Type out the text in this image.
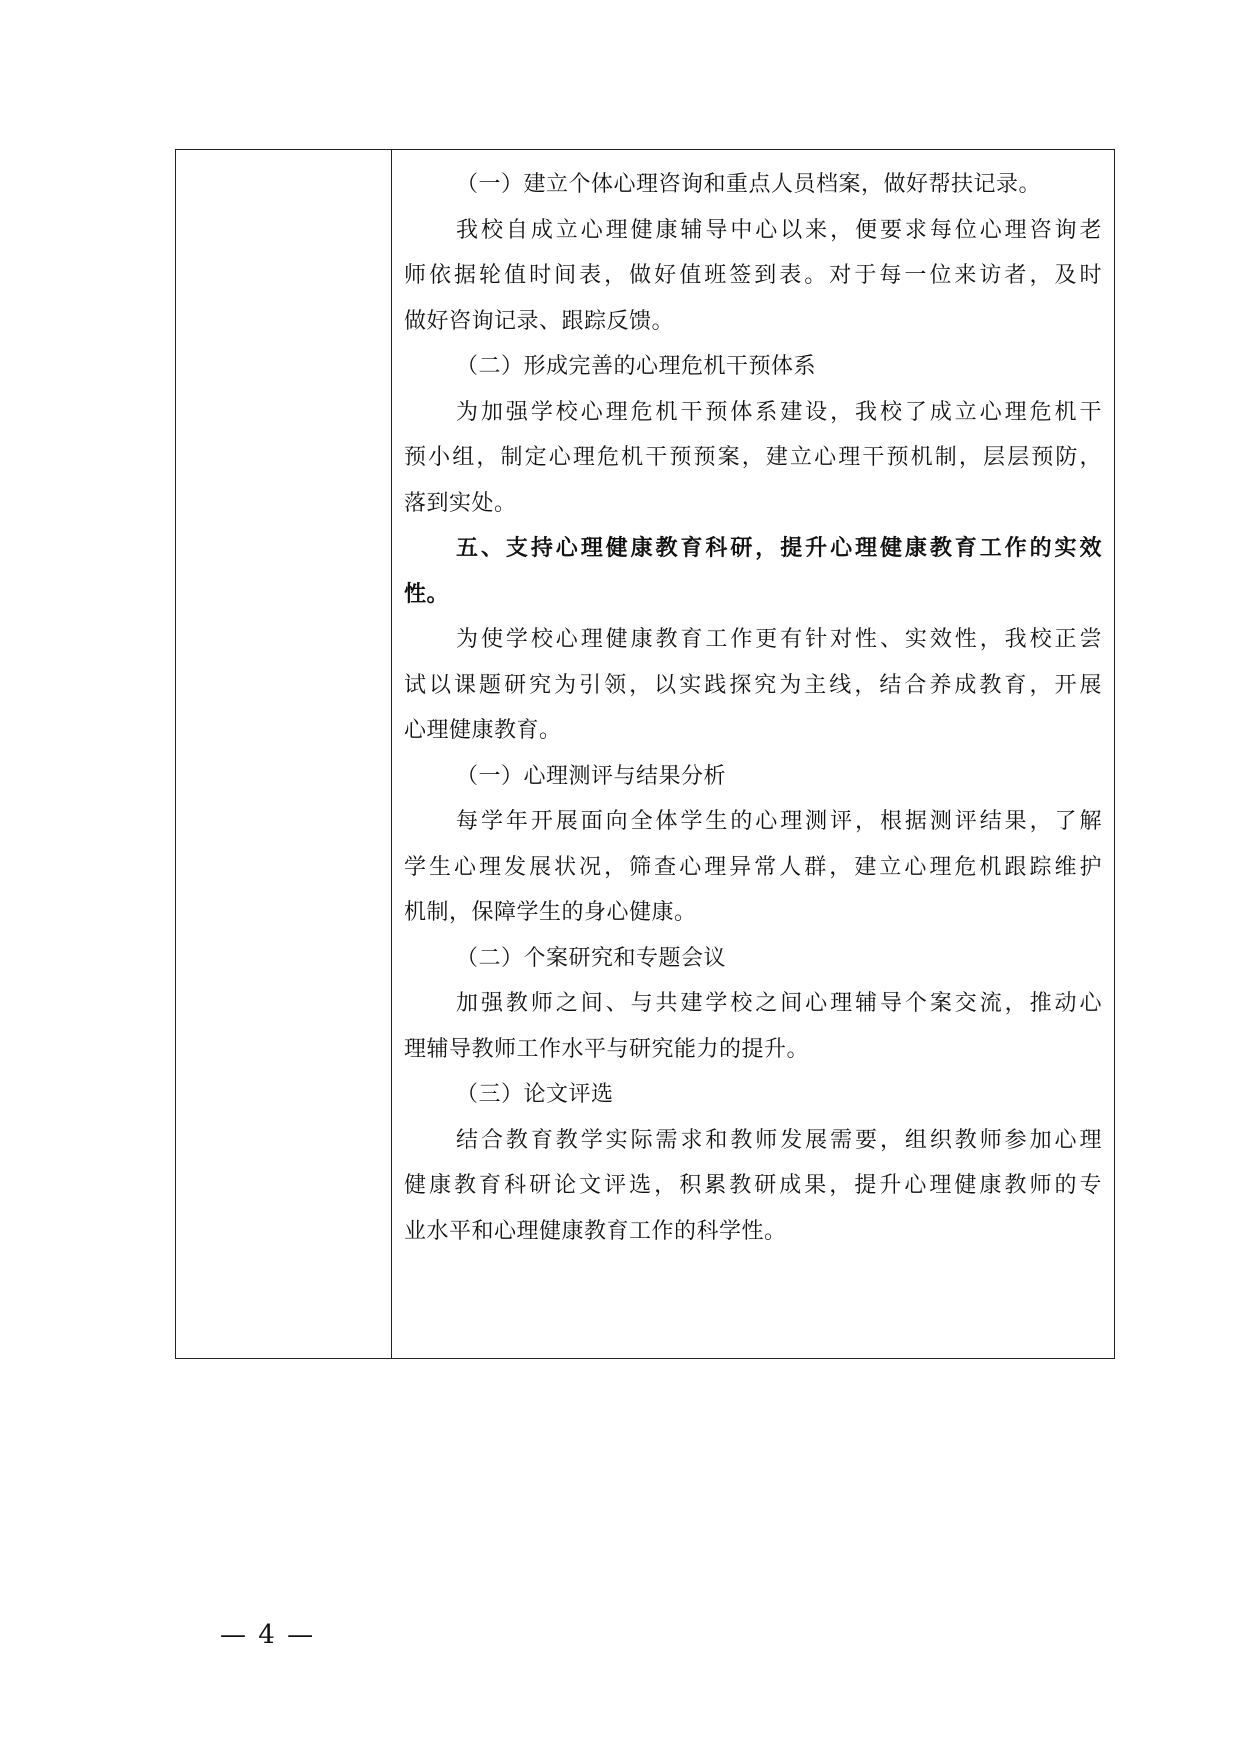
（一）建立个体心理咨询和重点人员档案，做好帮扶记录。
我校自成立心理健康辅导中心以来，便要求每位心理咨询老
师依据轮值时间表，做好值班签到表。对于每一位来访者，及时
做好咨询记录、跟踪反馈。
（二）形成完善的心理危机干预体系
为加强学校心理危机干预体系建设，我校了成立心理危机干
预小组，制定心理危机干预预案，建立心理干预机制，层层预防，
落到实处。
五、支持心理健康教育科研，提升心理健康教育工作的实效
性。
为使学校心理健康教育工作更有针对性、实效性，我校正尝
试以课题研究为引领，以实践探究为主线，结合养成教育，开展
心理健康教育。
（一）心理测评与结果分析
每学年开展面向全体学生的心理测评，根据测评结果，了解
学生心理发展状况，筛查心理异常人群，建立心理危机跟踪维护
机制，保障学生的身心健康。
（二）个案研究和专题会议
加强教师之间、与共建学校之间心理辅导个案交流，推动心
理辅导教师工作水平与研究能力的提升。
（三）论文评选
结合教育教学实际需求和教师发展需要，组织教师参加心理
健康教育科研论文评选，积累教研成果，提升心理健康教师的专
业水平和心理健康教育工作的科学性。
— 4 —
